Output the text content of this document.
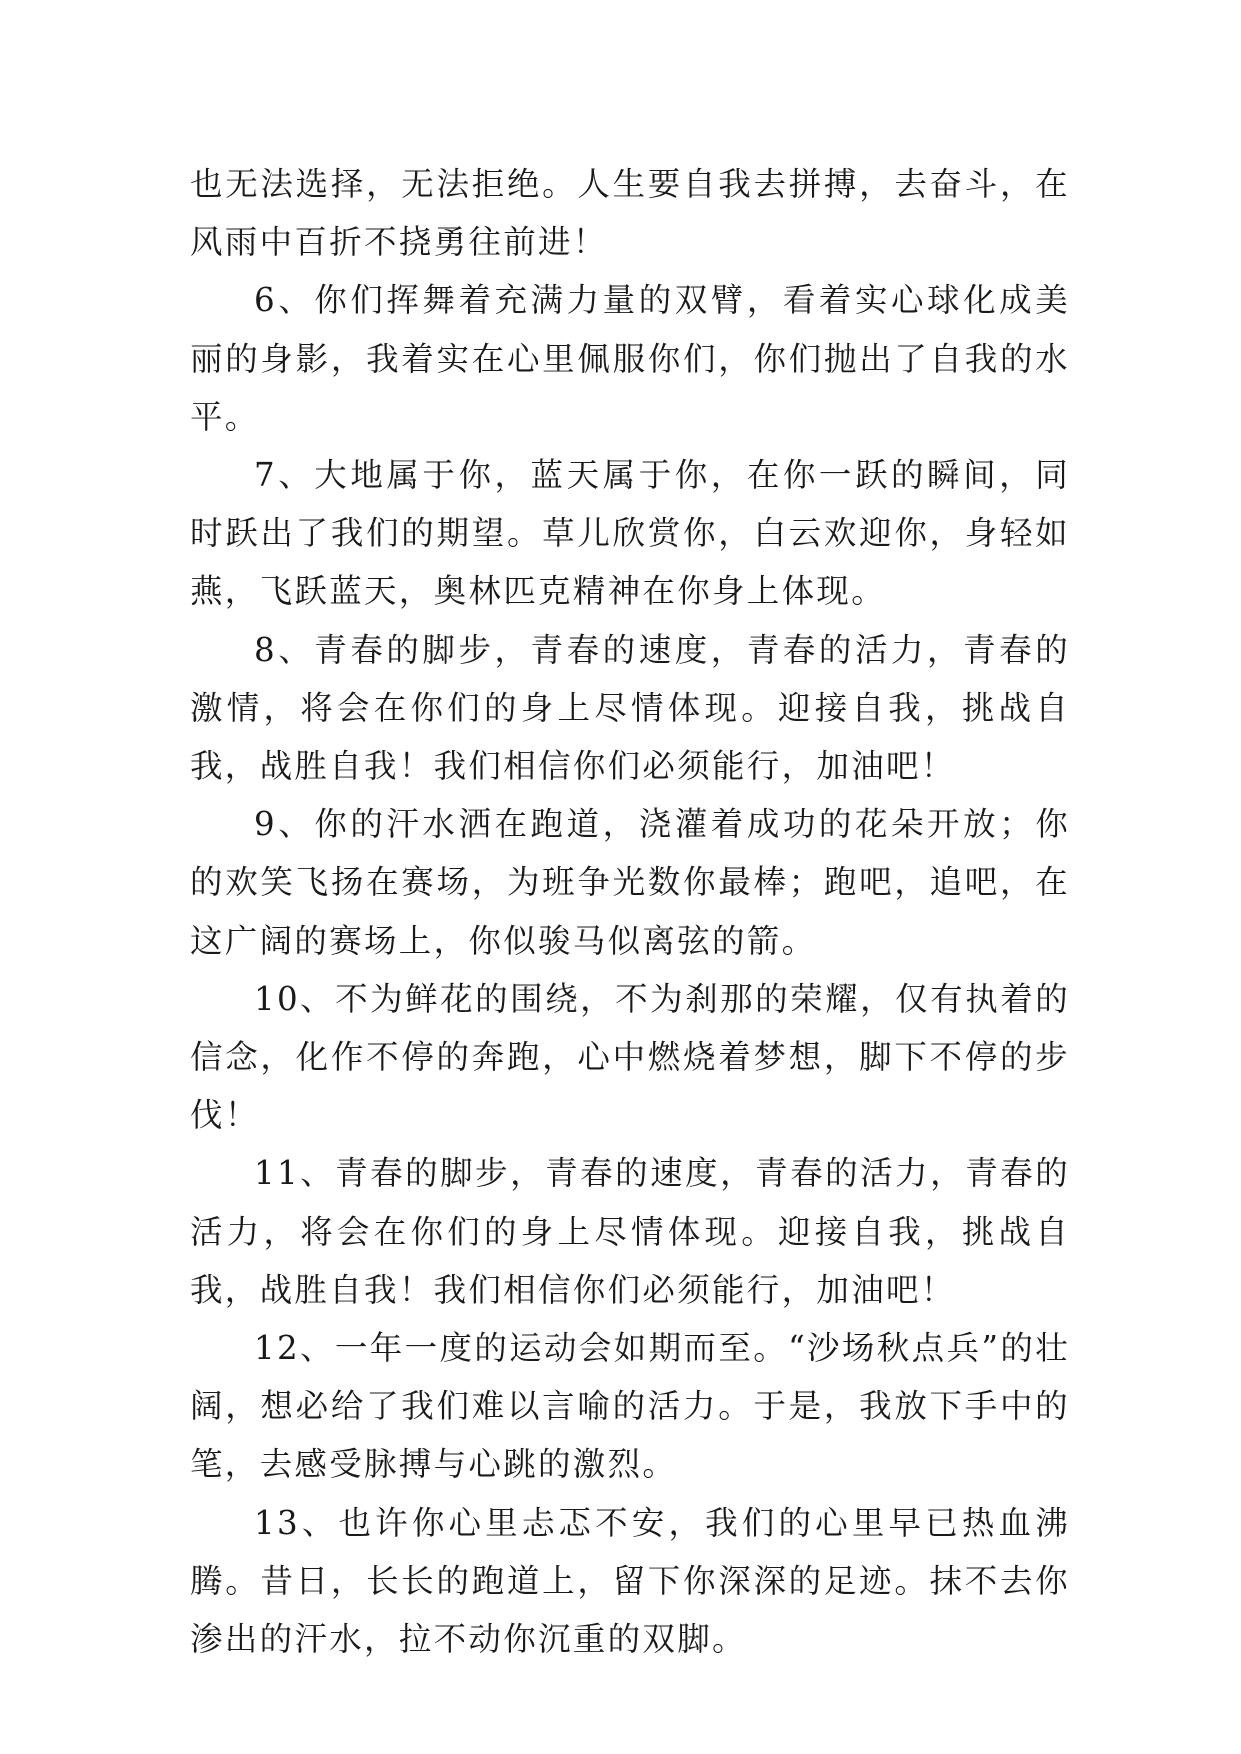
也无法选择，无法拒绝。人生要自我去拼搏，去奋斗，在风雨中百折不挠勇往前进！

6、你们挥舞着充满力量的双臂，看着实心球化成美丽的身影，我着实在心里佩服你们，你们抛出了自我的水平。

7、大地属于你，蓝天属于你，在你一跃的瞬间，同时跃出了我们的期望。草儿欣赏你，白云欢迎你，身轻如燕，飞跃蓝天，奥林匹克精神在你身上体现。

8、青春的脚步，青春的速度，青春的活力，青春的激情，将会在你们的身上尽情体现。迎接自我，挑战自我，战胜自我！我们相信你们必须能行，加油吧！

9、你的汗水洒在跑道，浇灌着成功的花朵开放；你的欢笑飞扬在赛场，为班争光数你最棒；跑吧，追吧，在这广阔的赛场上，你似骏马似离弦的箭。

10、不为鲜花的围绕，不为刹那的荣耀，仅有执着的信念，化作不停的奔跑，心中燃烧着梦想，脚下不停的步伐！

11、青春的脚步，青春的速度，青春的活力，青春的活力，将会在你们的身上尽情体现。迎接自我，挑战自我，战胜自我！我们相信你们必须能行，加油吧！

12、一年一度的运动会如期而至。“沙场秋点兵”的壮阔，想必给了我们难以言喻的活力。于是，我放下手中的笔，去感受脉搏与心跳的激烈。

13、也许你心里忐忑不安，我们的心里早已热血沸腾。昔日，长长的跑道上，留下你深深的足迹。抹不去你渗出的汗水，拉不动你沉重的双脚。
